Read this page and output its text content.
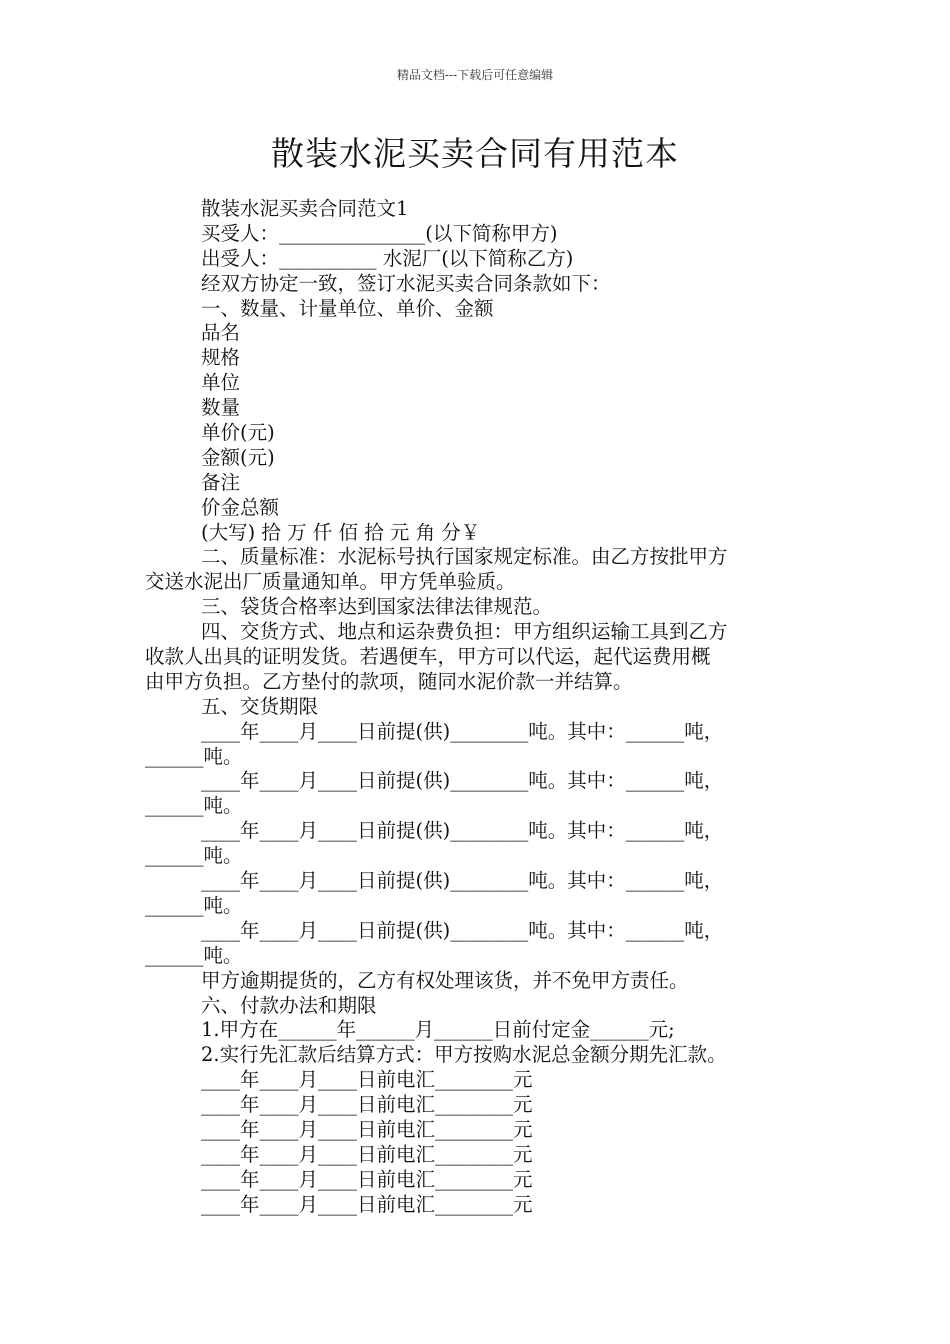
精品文档---下载后可任意编辑
散装水泥买卖合同有用范本
散装水泥买卖合同范文1
买受人：_______________(以下简称甲方)
出受人：__________ 水泥厂(以下简称乙方)
经双方协定一致，签订水泥买卖合同条款如下：
一、数量、计量单位、单价、金额
品名
规格
单位
数量
单价(元)
金额(元)
备注
价金总额
(大写) 拾 万 仟 佰 拾 元 角 分￥
二、质量标准：水泥标号执行国家规定标准。由乙方按批甲方
交送水泥出厂质量通知单。甲方凭单验质。
三、袋货合格率达到国家法律法律规范。
四、交货方式、地点和运杂费负担：甲方组织运输工具到乙方
收款人出具的证明发货。若遇便车，甲方可以代运，起代运费用概
由甲方负担。乙方垫付的款项，随同水泥价款一并结算。
五、交货期限
____年____月____日前提(供)________吨。其中：______吨，
______吨。
____年____月____日前提(供)________吨。其中：______吨，
______吨。
____年____月____日前提(供)________吨。其中：______吨，
______吨。
____年____月____日前提(供)________吨。其中：______吨，
______吨。
____年____月____日前提(供)________吨。其中：______吨，
______吨。
甲方逾期提货的，乙方有权处理该货，并不免甲方责任。
六、付款办法和期限
1.甲方在______年______月______日前付定金______元;
2.实行先汇款后结算方式：甲方按购水泥总金额分期先汇款。
____年____月____日前电汇________元
____年____月____日前电汇________元
____年____月____日前电汇________元
____年____月____日前电汇________元
____年____月____日前电汇________元
____年____月____日前电汇________元
